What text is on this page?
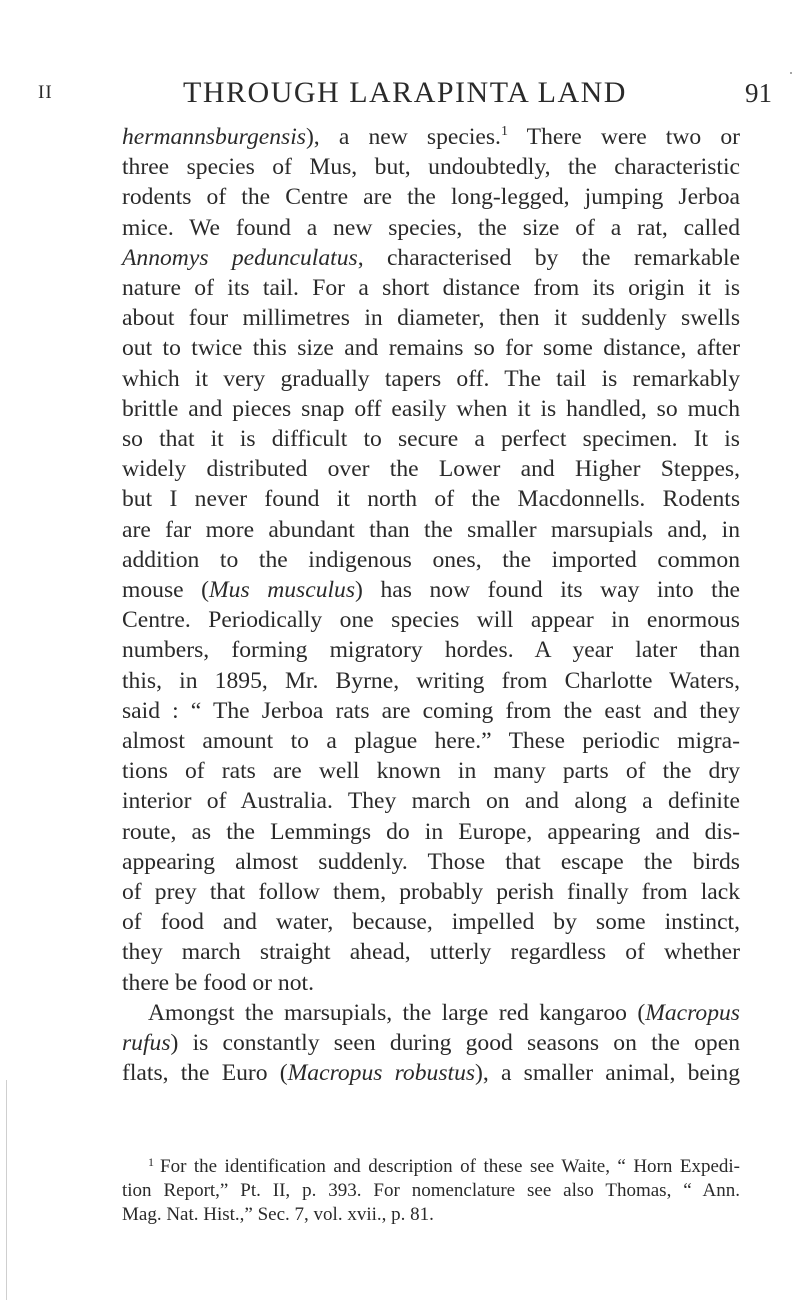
II	THROUGH LARAPINTA LAND	91
hermannsburgensis), a new species.$^1$ There were two or
three species of Mus, but, undoubtedly, the characteristic
rodents of the Centre are the long-legged, jumping Jerboa
mice. We found a new species, the size of a rat, called
Annomys pedunculatus, characterised by the remarkable
nature of its tail. For a short distance from its origin it is
about four millimetres in diameter, then it suddenly swells
out to twice this size and remains so for some distance, after
which it very gradually tapers off. The tail is remarkably
brittle and pieces snap off easily when it is handled, so much
so that it is difficult to secure a perfect specimen. It is
widely distributed over the Lower and Higher Steppes,
but I never found it north of the Macdonnells. Rodents
are far more abundant than the smaller marsupials and, in
addition to the indigenous ones, the imported common
mouse (Mus musculus) has now found its way into the
Centre. Periodically one species will appear in enormous
numbers, forming migratory hordes. A year later than
this, in 1895, Mr. Byrne, writing from Charlotte Waters,
said : “ The Jerboa rats are coming from the east and they
almost amount to a plague here.” These periodic migra-
tions of rats are well known in many parts of the dry
interior of Australia. They march on and along a definite
route, as the Lemmings do in Europe, appearing and dis-
appearing almost suddenly. Those that escape the birds
of prey that follow them, probably perish finally from lack
of food and water, because, impelled by some instinct,
they march straight ahead, utterly regardless of whether
there be food or not.
Amongst the marsupials, the large red kangaroo (Macropus
rufus) is constantly seen during good seasons on the open
flats, the Euro (Macropus robustus), a smaller animal, being
$^1$ For the identification and description of these see Waite, “ Horn Expedi-
tion Report,” Pt. II, p. 393. For nomenclature see also Thomas, “ Ann.
Mag. Nat. Hist.,” Sec. 7, vol. xvii., p. 81.
